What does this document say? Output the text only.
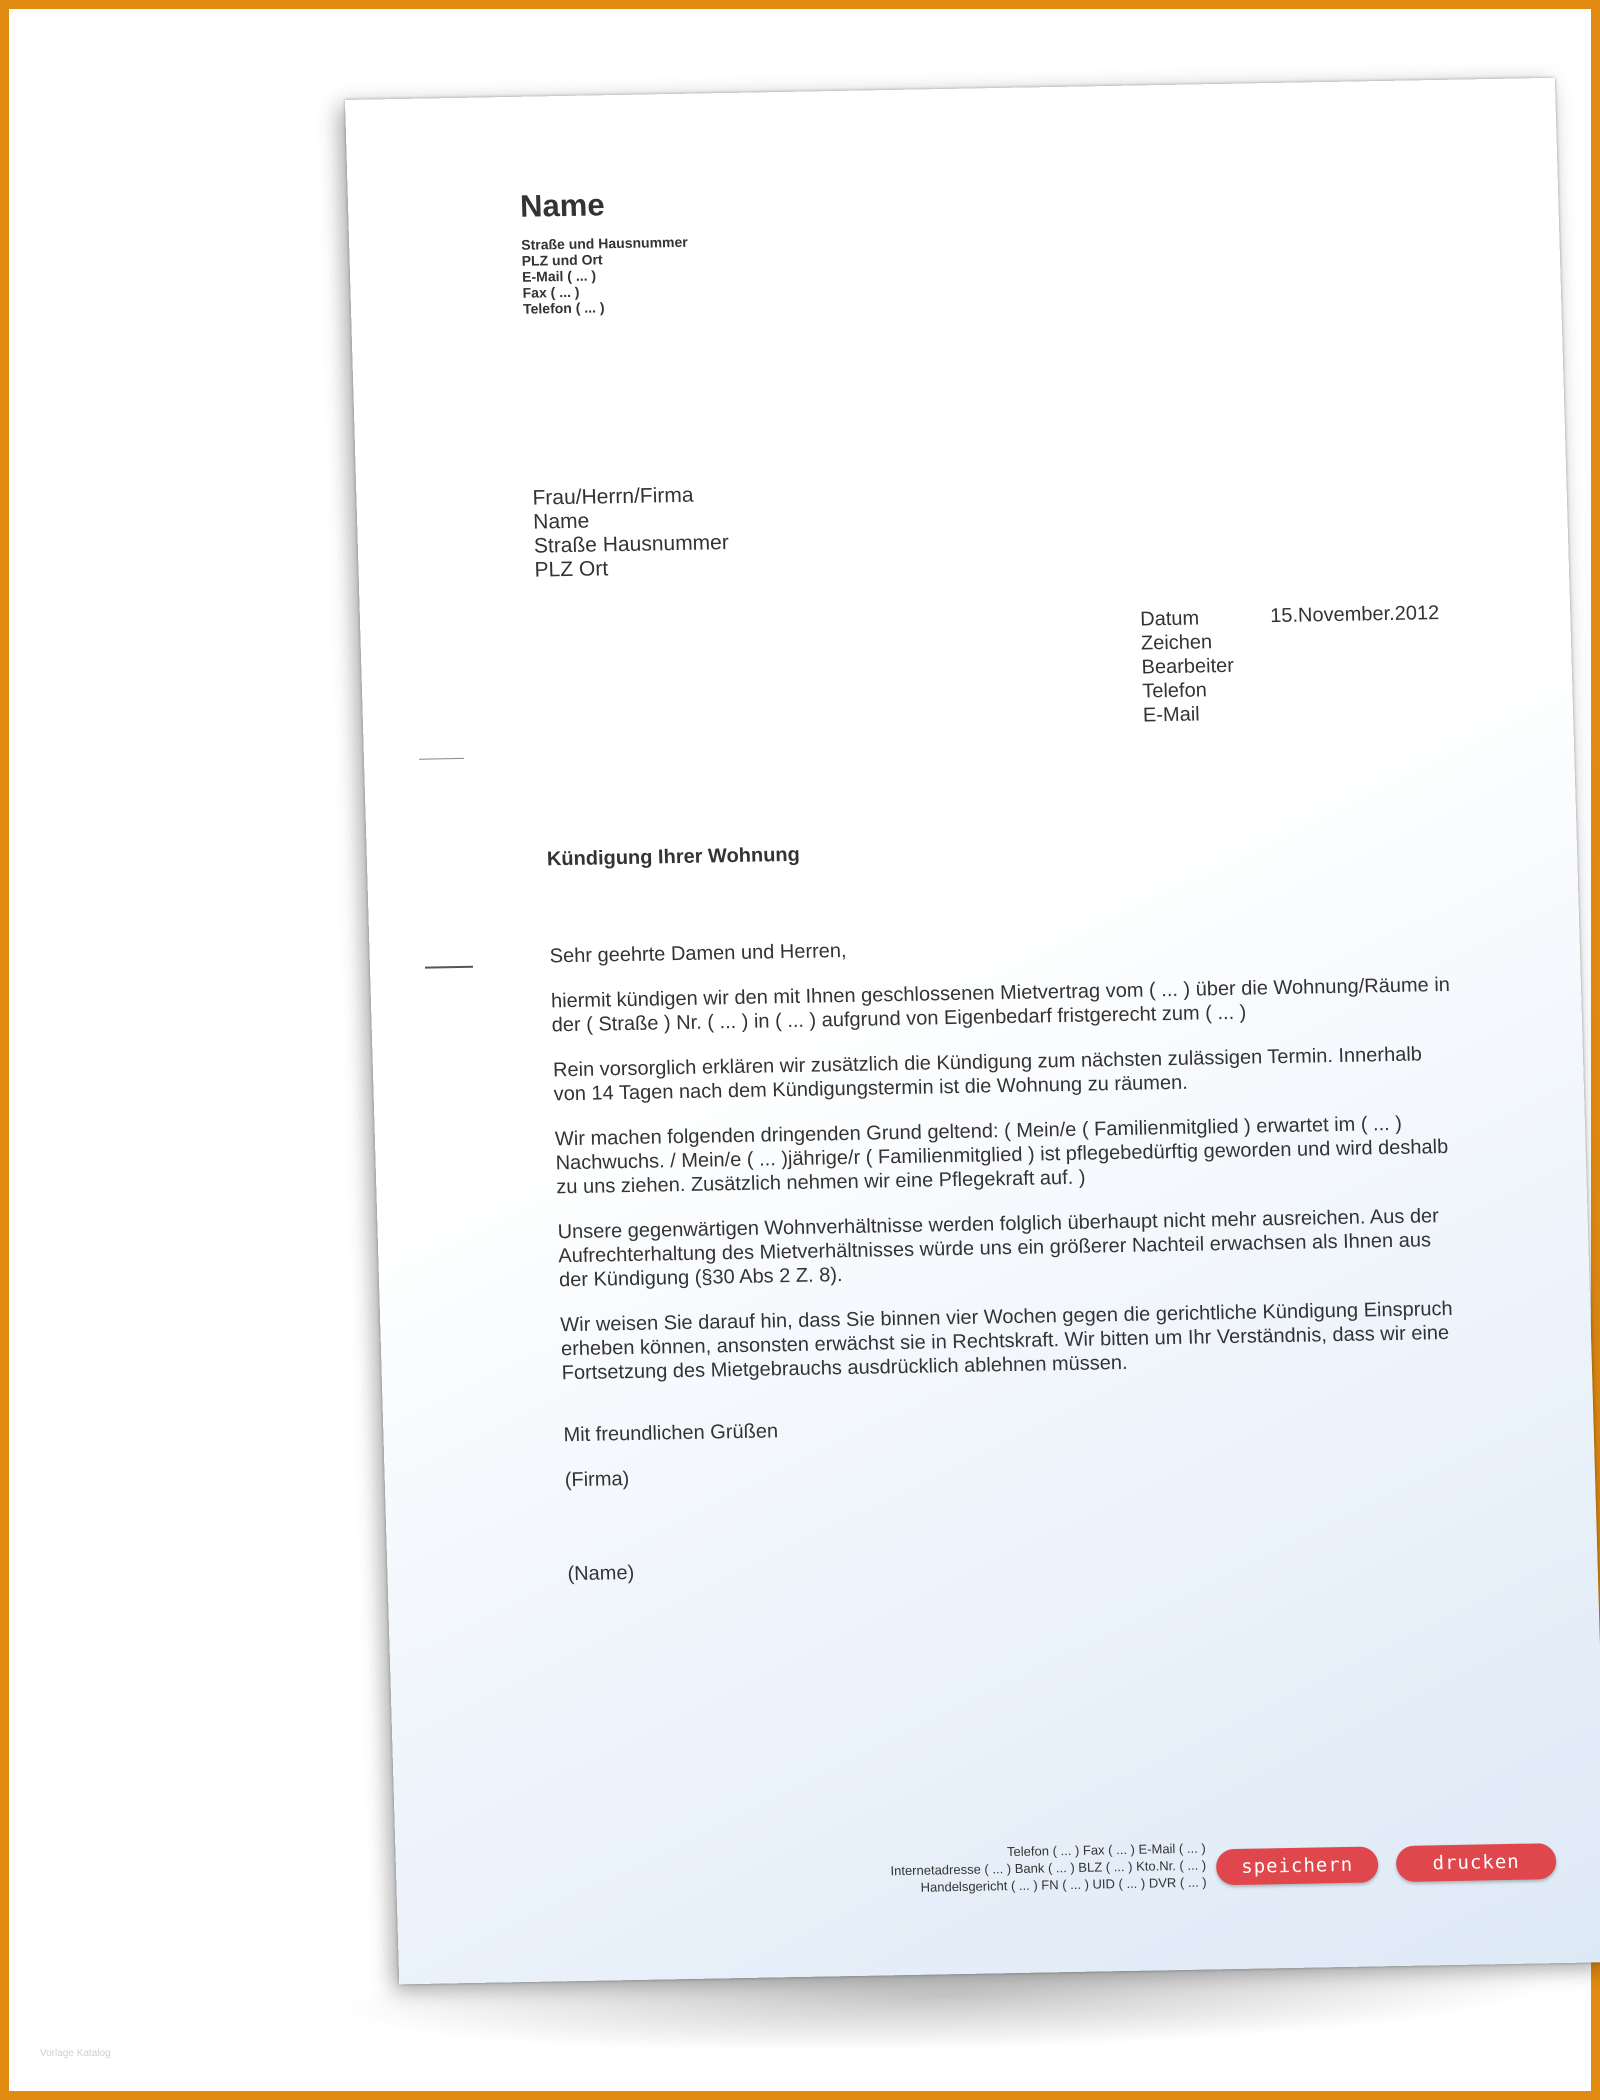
Name
Straße und Hausnummer
PLZ und Ort
E-Mail ( ... )
Fax ( ... )
Telefon ( ... )
Frau/Herrn/Firma
Name
Straße Hausnummer
PLZ Ort
Datum
Zeichen
Bearbeiter
Telefon
E-Mail
15.November.2012
Kündigung Ihrer Wohnung

Sehr geehrte Damen und Herren,

hiermit kündigen wir den mit Ihnen geschlossenen Mietvertrag vom ( ... ) über die Wohnung/Räume in der ( Straße ) Nr. ( ... ) in ( ... ) aufgrund von Eigenbedarf fristgerecht zum ( ... )

Rein vorsorglich erklären wir zusätzlich die Kündigung zum nächsten zulässigen Termin. Innerhalb von 14 Tagen nach dem Kündigungstermin ist die Wohnung zu räumen.

Wir machen folgenden dringenden Grund geltend: ( Mein/e ( Familienmitglied ) erwartet im ( ... ) Nachwuchs. / Mein/e ( ... )jährige/r ( Familienmitglied ) ist pflegebedürftig geworden und wird deshalb zu uns ziehen. Zusätzlich nehmen wir eine Pflegekraft auf. )

Unsere gegenwärtigen Wohnverhältnisse werden folglich überhaupt nicht mehr ausreichen. Aus der Aufrechterhaltung des Mietverhältnisses würde uns ein größerer Nachteil erwachsen als Ihnen aus der Kündigung (§30 Abs 2 Z. 8).

Wir weisen Sie darauf hin, dass Sie binnen vier Wochen gegen die gerichtliche Kündigung Einspruch erheben können, ansonsten erwächst sie in Rechtskraft. Wir bitten um Ihr Verständnis, dass wir eine Fortsetzung des Mietgebrauchs ausdrücklich ablehnen müssen.

Mit freundlichen Grüßen

(Firma)

(Name)

Telefon ( ... ) Fax ( ... ) E-Mail ( ... )
Internetadresse ( ... ) Bank ( ... ) BLZ ( ... ) Kto.Nr. ( ... )
Handelsgericht ( ... ) FN ( ... ) UID ( ... ) DVR ( ... )
speichern	drucken
Vorlage Katalog
